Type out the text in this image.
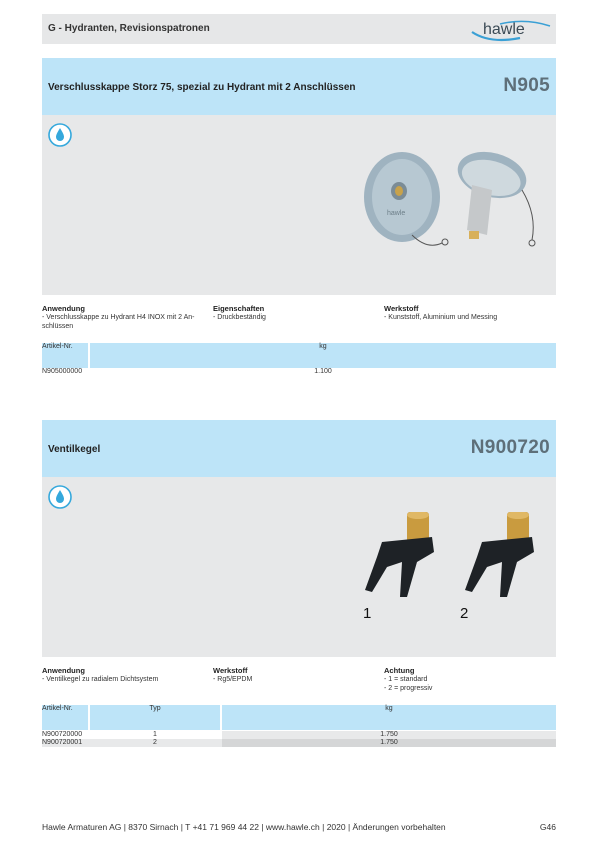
G - Hydranten, Revisionspatronen	hawle
Verschlusskappe Storz 75, spezial zu Hydrant mit 2 Anschlüssen	N905
hawle
Anwendung
- Verschlusskappe zu Hydrant H4 INOX mit 2 An-
schlüssen
Eigenschaften
- Druckbeständig
Werkstoff
- Kunststoff, Aluminium und Messing
Artikel-Nr.	kg
N905000000	1.100
Ventilkegel	N900720
1	2
Anwendung
- Ventilkegel zu radialem Dichtsystem
Werkstoff
- Rg5/EPDM
Achtung
- 1 = standard
- 2 = progressiv
Artikel-Nr.	Typ	kg
N900720000	1	1.750
N900720001	2	1.750
Hawle Armaturen AG | 8370 Sirnach | T +41 71 969 44 22 | www.hawle.ch | 2020 | Änderungen vorbehalten	G46
